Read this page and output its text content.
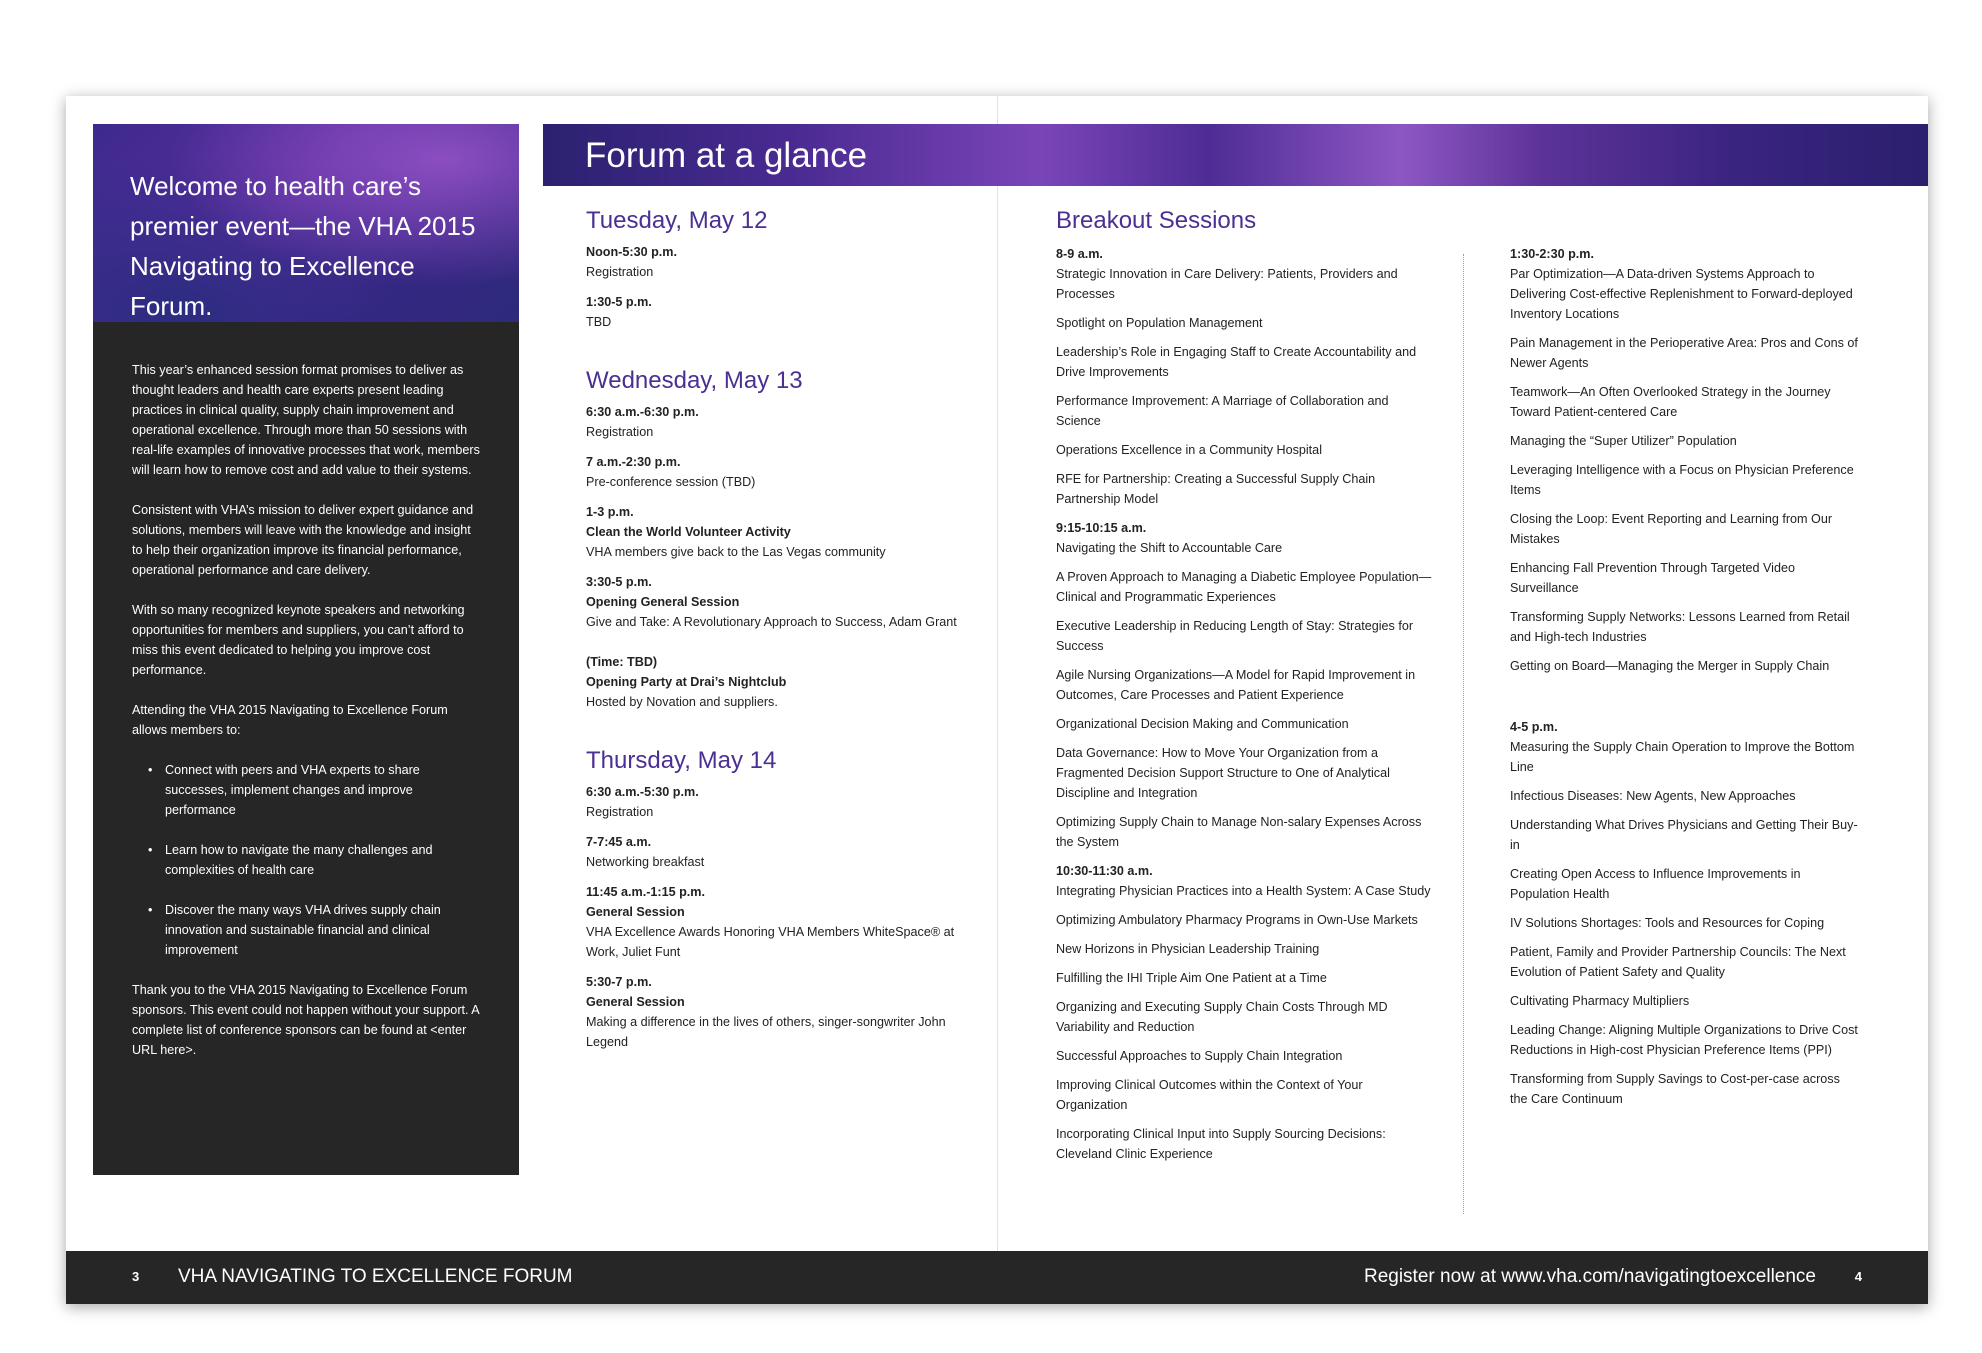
Welcome to health care’s premier event—the VHA 2015 Navigating to Excellence Forum.

This year’s enhanced session format promises to deliver as thought leaders and health care experts present leading practices in clinical quality, supply chain improvement and operational excellence. Through more than 50 sessions with real-life examples of innovative processes that work, members will learn how to remove cost and add value to their systems.

Consistent with VHA’s mission to deliver expert guidance and solutions, members will leave with the knowledge and insight to help their organization improve its financial performance, operational performance and care delivery.

With so many recognized keynote speakers and networking opportunities for members and suppliers, you can’t afford to miss this event dedicated to helping you improve cost performance.

Attending the VHA 2015 Navigating to Excellence Forum allows members to:

• Connect with peers and VHA experts to share successes, implement changes and improve performance
• Learn how to navigate the many challenges and complexities of health care
• Discover the many ways VHA drives supply chain innovation and sustainable financial and clinical improvement

Thank you to the VHA 2015 Navigating to Excellence Forum sponsors. This event could not happen without your support. A complete list of conference sponsors can be found at <enter URL here>.

Forum at a glance
Tuesday, May 12
Noon-5:30 p.m.
Registration
1:30-5 p.m.
TBD
Wednesday, May 13
6:30 a.m.-6:30 p.m.
Registration
7 a.m.-2:30 p.m.
Pre-conference session (TBD)
1-3 p.m.
Clean the World Volunteer Activity
VHA members give back to the Las Vegas community
3:30-5 p.m.
Opening General Session
Give and Take: A Revolutionary Approach to Success, Adam Grant
(Time: TBD)
Opening Party at Drai’s Nightclub
Hosted by Novation and suppliers.
Thursday, May 14
6:30 a.m.-5:30 p.m.
Registration
7-7:45 a.m.
Networking breakfast
11:45 a.m.-1:15 p.m.
General Session
VHA Excellence Awards Honoring VHA Members WhiteSpace® at Work, Juliet Funt
5:30-7 p.m.
General Session
Making a difference in the lives of others, singer-songwriter John Legend
Breakout Sessions
8-9 a.m.
Strategic Innovation in Care Delivery: Patients, Providers and Processes
Spotlight on Population Management
Leadership’s Role in Engaging Staff to Create Accountability and Drive Improvements
Performance Improvement: A Marriage of Collaboration and Science
Operations Excellence in a Community Hospital
RFE for Partnership: Creating a Successful Supply Chain Partnership Model
9:15-10:15 a.m.
Navigating the Shift to Accountable Care
A Proven Approach to Managing a Diabetic Employee Population—Clinical and Programmatic Experiences
Executive Leadership in Reducing Length of Stay: Strategies for Success
Agile Nursing Organizations—A Model for Rapid Improvement in Outcomes, Care Processes and Patient Experience
Organizational Decision Making and Communication
Data Governance: How to Move Your Organization from a Fragmented Decision Support Structure to One of Analytical Discipline and Integration
Optimizing Supply Chain to Manage Non-salary Expenses Across the System
10:30-11:30 a.m.
Integrating Physician Practices into a Health System: A Case Study
Optimizing Ambulatory Pharmacy Programs in Own-Use Markets
New Horizons in Physician Leadership Training
Fulfilling the IHI Triple Aim One Patient at a Time
Organizing and Executing Supply Chain Costs Through MD Variability and Reduction
Successful Approaches to Supply Chain Integration
Improving Clinical Outcomes within the Context of Your Organization
Incorporating Clinical Input into Supply Sourcing Decisions: Cleveland Clinic Experience
1:30-2:30 p.m.
Par Optimization—A Data-driven Systems Approach to Delivering Cost-effective Replenishment to Forward-deployed Inventory Locations
Pain Management in the Perioperative Area: Pros and Cons of Newer Agents
Teamwork—An Often Overlooked Strategy in the Journey Toward Patient-centered Care
Managing the “Super Utilizer” Population
Leveraging Intelligence with a Focus on Physician Preference Items
Closing the Loop: Event Reporting and Learning from Our Mistakes
Enhancing Fall Prevention Through Targeted Video Surveillance
Transforming Supply Networks: Lessons Learned from Retail and High-tech Industries
Getting on Board—Managing the Merger in Supply Chain
4-5 p.m.
Measuring the Supply Chain Operation to Improve the Bottom Line
Infectious Diseases: New Agents, New Approaches
Understanding What Drives Physicians and Getting Their Buy-in
Creating Open Access to Influence Improvements in Population Health
IV Solutions Shortages: Tools and Resources for Coping
Patient, Family and Provider Partnership Councils: The Next Evolution of Patient Safety and Quality
Cultivating Pharmacy Multipliers
Leading Change: Aligning Multiple Organizations to Drive Cost Reductions in High-cost Physician Preference Items (PPI)
Transforming from Supply Savings to Cost-per-case across the Care Continuum
3 VHA NAVIGATING TO EXCELLENCE FORUM	Register now at www.vha.com/navigatingtoexcellence	4
